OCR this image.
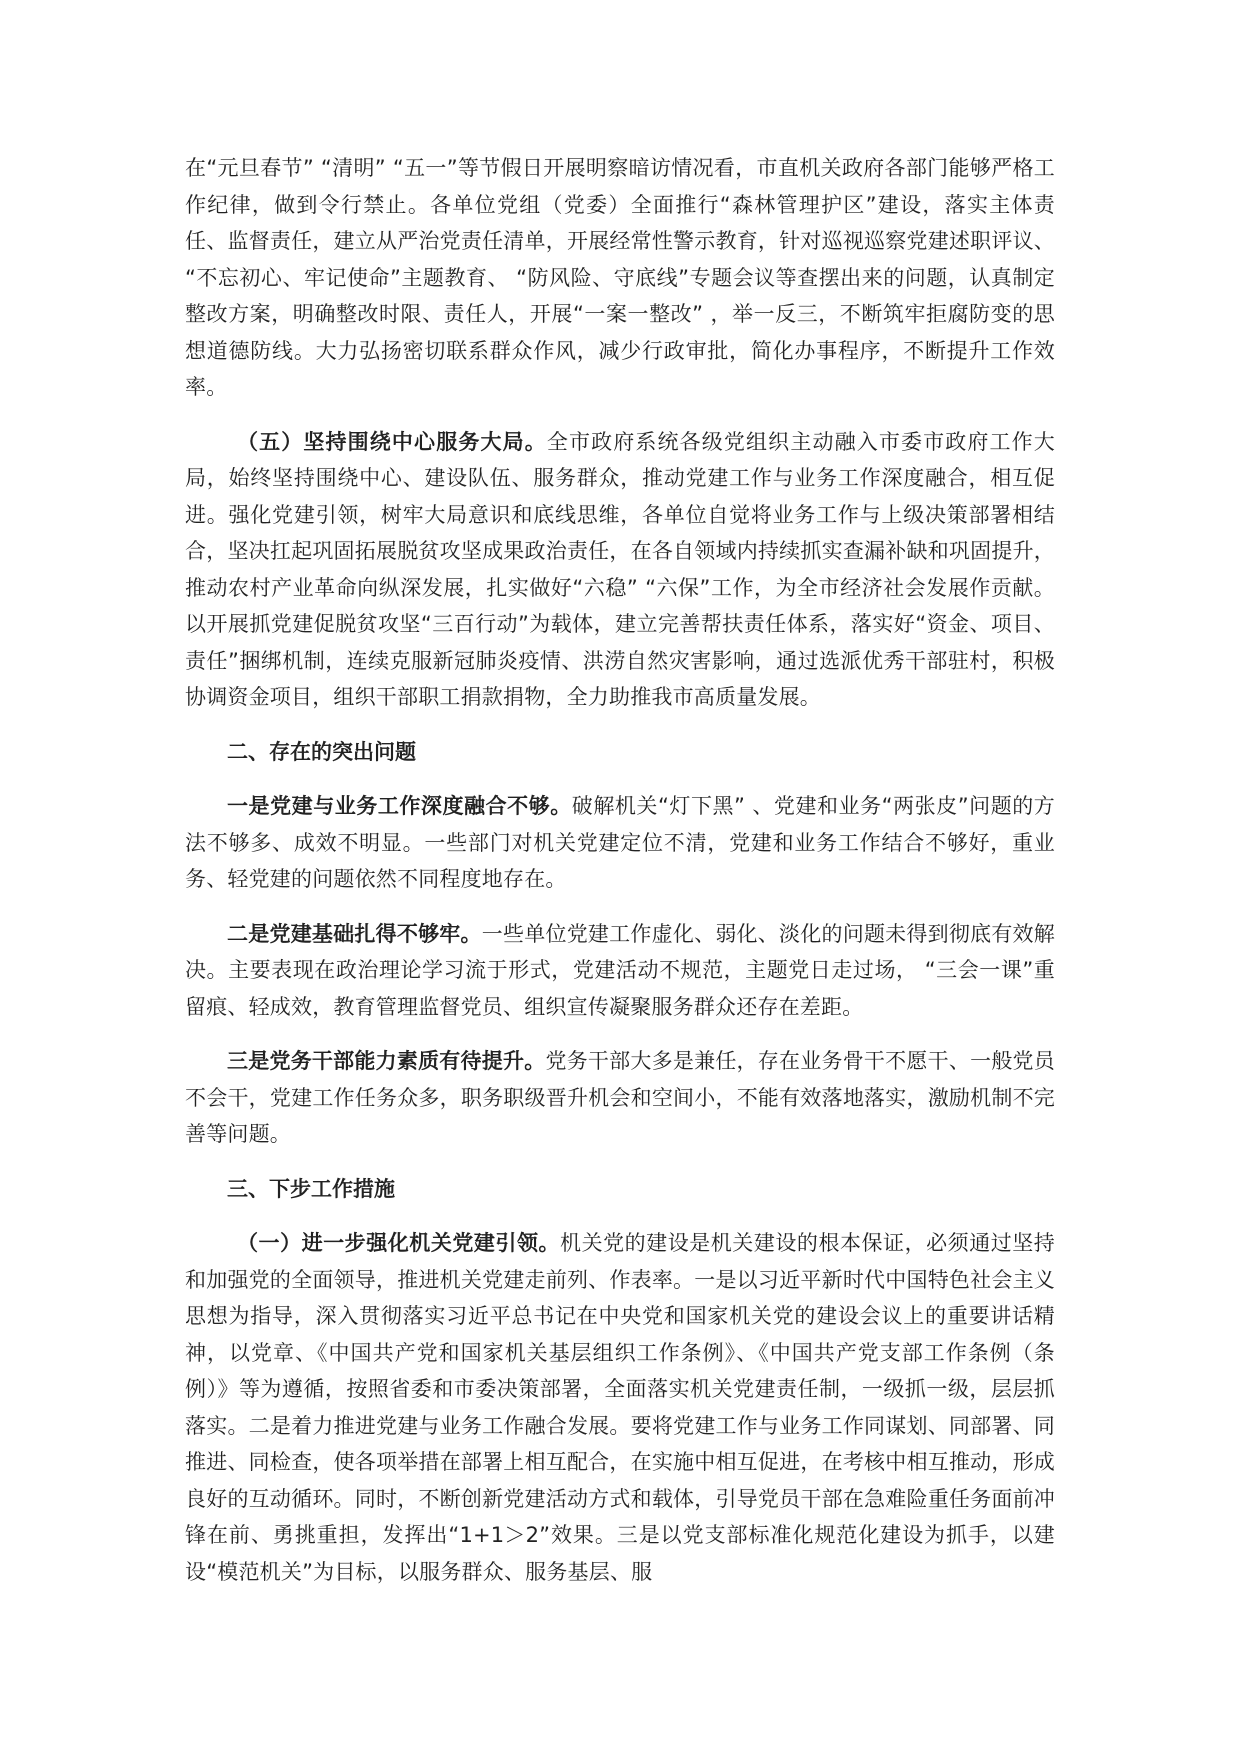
在“元旦春节” “清明” “五一”等节假日开展明察暗访情况看，市直机关政府各部门能够严格工作纪律，做到令行禁止。各单位党组（党委）全面推行“森林管理护区”建设，落实主体责任、监督责任，建立从严治党责任清单，开展经常性警示教育，针对巡视巡察党建述职评议、 “不忘初心、牢记使命”主题教育、 “防风险、守底线”专题会议等查摆出来的问题，认真制定整改方案，明确整改时限、责任人，开展“一案一整改” ，举一反三，不断筑牢拒腐防变的思想道德防线。大力弘扬密切联系群众作风，减少行政审批，简化办事程序，不断提升工作效率。

（五）坚持围绕中心服务大局。全市政府系统各级党组织主动融入市委市政府工作大局，始终坚持围绕中心、建设队伍、服务群众，推动党建工作与业务工作深度融合，相互促进。强化党建引领，树牢大局意识和底线思维，各单位自觉将业务工作与上级决策部署相结合，坚决扛起巩固拓展脱贫攻坚成果政治责任，在各自领域内持续抓实查漏补缺和巩固提升，推动农村产业革命向纵深发展，扎实做好“六稳” “六保”工作，为全市经济社会发展作贡献。以开展抓党建促脱贫攻坚“三百行动”为载体，建立完善帮扶责任体系，落实好“资金、项目、责任”捆绑机制，连续克服新冠肺炎疫情、洪涝自然灾害影响，通过选派优秀干部驻村，积极协调资金项目，组织干部职工捐款捐物，全力助推我市高质量发展。

二、存在的突出问题

一是党建与业务工作深度融合不够。破解机关“灯下黑” 、党建和业务“两张皮”问题的方法不够多、成效不明显。一些部门对机关党建定位不清，党建和业务工作结合不够好，重业务、轻党建的问题依然不同程度地存在。

二是党建基础扎得不够牢。一些单位党建工作虚化、弱化、淡化的问题未得到彻底有效解决。主要表现在政治理论学习流于形式，党建活动不规范，主题党日走过场， “三会一课”重留痕、轻成效，教育管理监督党员、组织宣传凝聚服务群众还存在差距。

三是党务干部能力素质有待提升。党务干部大多是兼任，存在业务骨干不愿干、一般党员不会干，党建工作任务众多，职务职级晋升机会和空间小，不能有效落地落实，激励机制不完善等问题。

三、下步工作措施

（一）进一步强化机关党建引领。机关党的建设是机关建设的根本保证，必须通过坚持和加强党的全面领导，推进机关党建走前列、作表率。一是以习近平新时代中国特色社会主义思想为指导，深入贯彻落实习近平总书记在中央党和国家机关党的建设会议上的重要讲话精神，以党章、《中国共产党和国家机关基层组织工作条例》、《中国共产党支部工作条例（条例）》等为遵循，按照省委和市委决策部署，全面落实机关党建责任制，一级抓一级，层层抓落实。二是着力推进党建与业务工作融合发展。要将党建工作与业务工作同谋划、同部署、同推进、同检查，使各项举措在部署上相互配合，在实施中相互促进，在考核中相互推动，形成良好的互动循环。同时，不断创新党建活动方式和载体，引导党员干部在急难险重任务面前冲锋在前、勇挑重担，发挥出“1+1＞2”效果。三是以党支部标准化规范化建设为抓手，以建设“模范机关”为目标，以服务群众、服务基层、服
